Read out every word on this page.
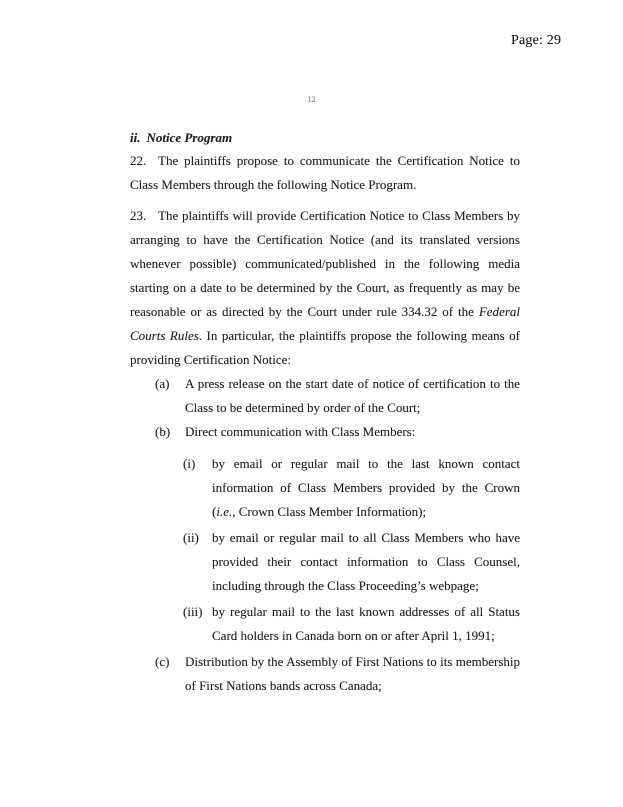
Page: 29
12
ii. Notice Program

22. The plaintiffs propose to communicate the Certification Notice to Class Members through the following Notice Program.

23. The plaintiffs will provide Certification Notice to Class Members by arranging to have the Certification Notice (and its translated versions whenever possible) communicated/published in the following media starting on a date to be determined by the Court, as frequently as may be reasonable or as directed by the Court under rule 334.32 of the Federal Courts Rules. In particular, the plaintiffs propose the following means of providing Certification Notice:

(a) A press release on the start date of notice of certification to the Class to be determined by order of the Court;

(b) Direct communication with Class Members:

(i) by email or regular mail to the last known contact information of Class Members provided by the Crown (i.e., Crown Class Member Information);

(ii) by email or regular mail to all Class Members who have provided their contact information to Class Counsel, including through the Class Proceeding’s webpage;

(iii) by regular mail to the last known addresses of all Status Card holders in Canada born on or after April 1, 1991;

(c) Distribution by the Assembly of First Nations to its membership of First Nations bands across Canada;
